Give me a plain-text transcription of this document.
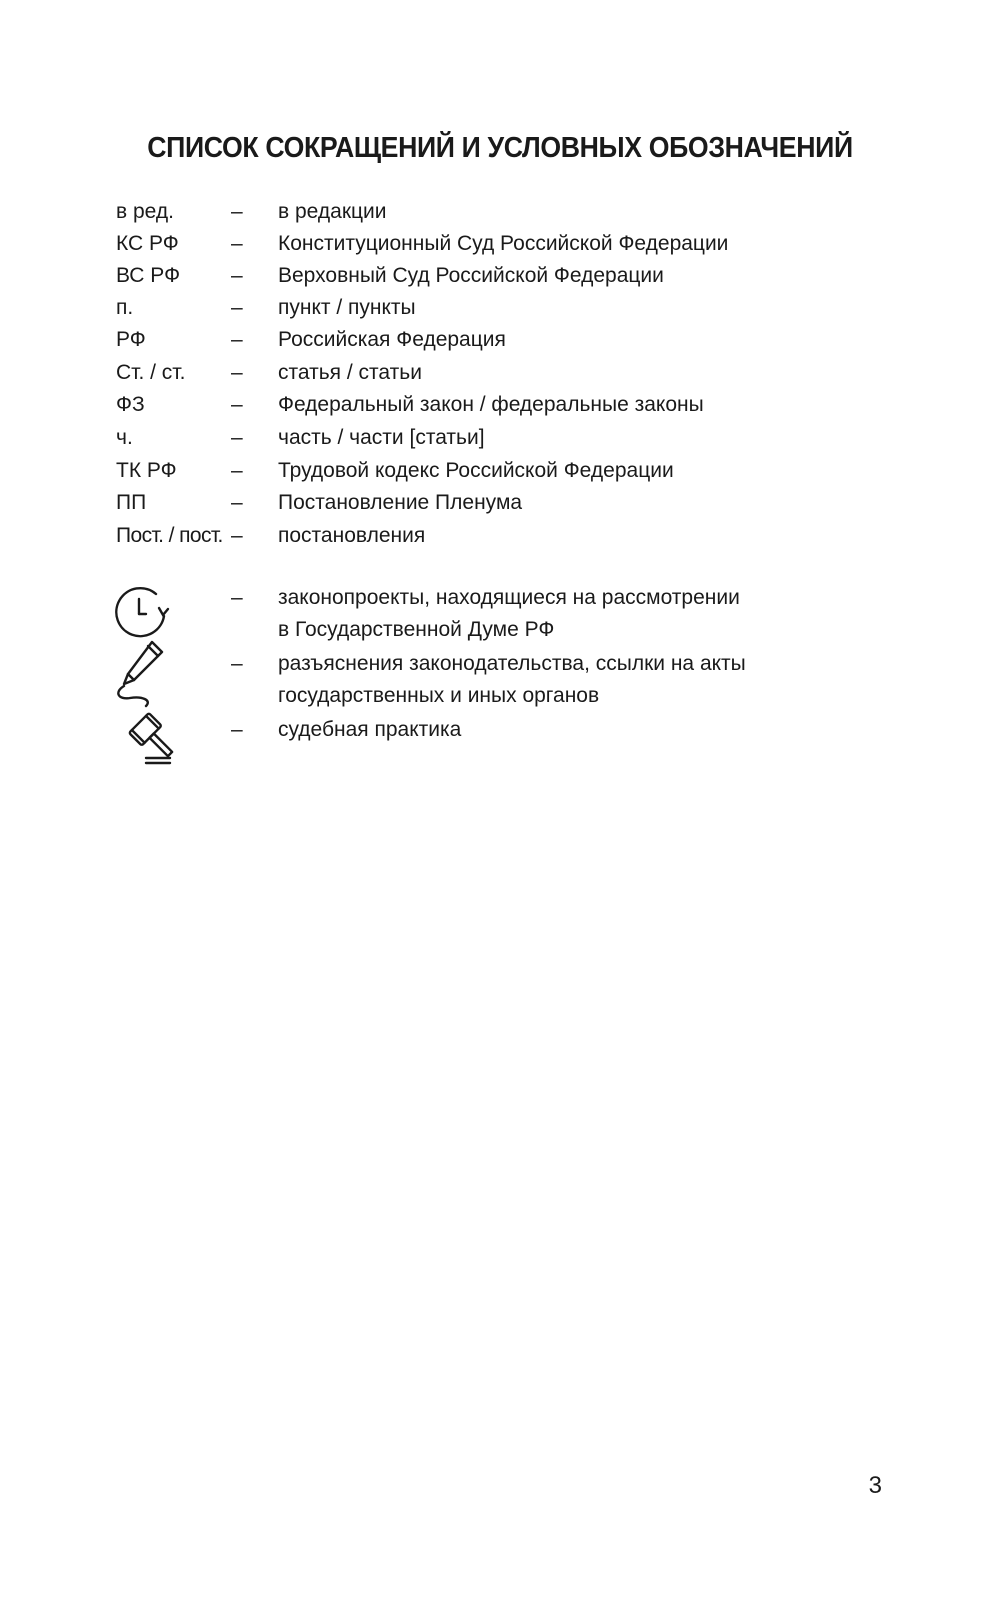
СПИСОК СОКРАЩЕНИЙ И УСЛОВНЫХ ОБОЗНАЧЕНИЙ
в ред.	– в редакции
КС РФ – Конституционный Суд Российской Федерации
ВС РФ – Верховный Суд Российской Федерации
п.	– пункт / пункты
РФ	– Российская Федерация
Ст. / ст. – статья / статьи
ФЗ	– Федеральный закон / федеральные законы
ч.	– часть / части [статьи]
ТК РФ	– Трудовой кодекс Российской Федерации
ПП	– Постановление Пленума
Пост. / пост. – постановления
– законопроекты, находящиеся на рассмотрении
в Государственной Думе РФ
– разъяснения законодательства, ссылки на акты
государственных и иных органов
– судебная практика
3
